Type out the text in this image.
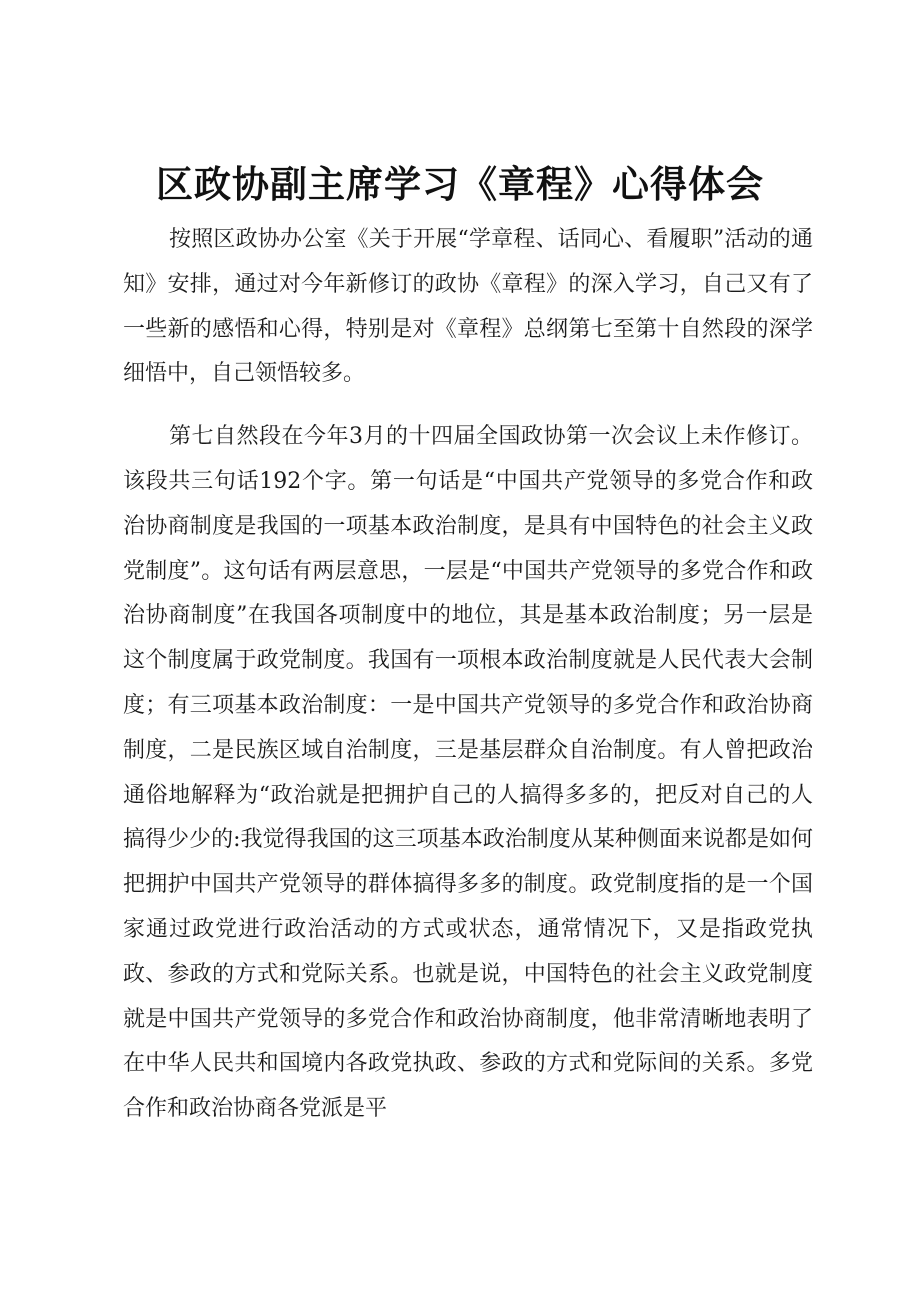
区政协副主席学习《章程》心得体会

按照区政协办公室《关于开展“学章程、话同心、看履职”活动的通知》安排，通过对今年新修订的政协《章程》的深入学习，自己又有了一些新的感悟和心得，特别是对《章程》总纲第七至第十自然段的深学细悟中，自己领悟较多。

第七自然段在今年3月的十四届全国政协第一次会议上未作修订。该段共三句话192个字。第一句话是“中国共产党领导的多党合作和政治协商制度是我国的一项基本政治制度，是具有中国特色的社会主义政党制度”。这句话有两层意思，一层是“中国共产党领导的多党合作和政治协商制度”在我国各项制度中的地位，其是基本政治制度；另一层是这个制度属于政党制度。我国有一项根本政治制度就是人民代表大会制度；有三项基本政治制度：一是中国共产党领导的多党合作和政治协商制度，二是民族区域自治制度，三是基层群众自治制度。有人曾把政治通俗地解释为“政治就是把拥护自己的人搞得多多的，把反对自己的人搞得少少的:我觉得我国的这三项基本政治制度从某种侧面来说都是如何把拥护中国共产党领导的群体搞得多多的制度。政党制度指的是一个国家通过政党进行政治活动的方式或状态，通常情况下，又是指政党执政、参政的方式和党际关系。也就是说，中国特色的社会主义政党制度就是中国共产党领导的多党合作和政治协商制度，他非常清晰地表明了在中华人民共和国境内各政党执政、参政的方式和党际间的关系。多党合作和政治协商各党派是平
